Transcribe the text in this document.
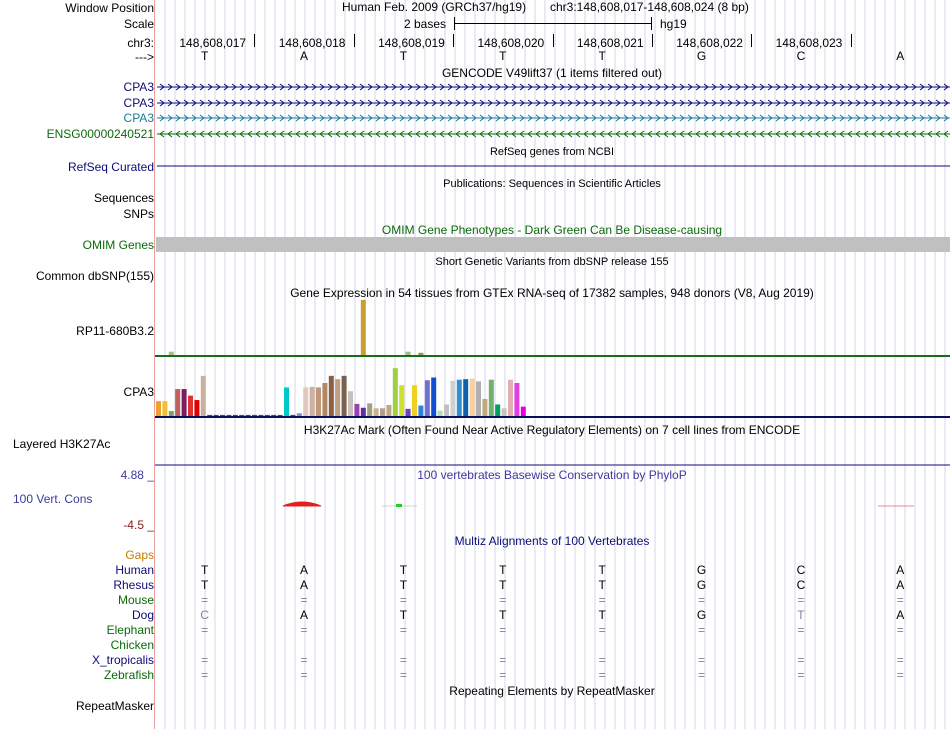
Window Position
Scale
chr3:
--->
Human Feb. 2009 (GRCh37/hg19) chr3:148,608,017-148,608,024 (8 bp)
2 bases	hg19
148,608,017	148,608,018	148,608,019	148,608,020	148,608,021	148,608,022	148,608,023
T	A	T	T	T	G	C	A
GENCODE V49lift37 (1 items filtered out)
CPA3
CPA3
CPA3
ENSG00000240521
RefSeq genes from NCBI
RefSeq Curated
Publications: Sequences in Scientific Articles
Sequences
SNPs
OMIM Gene Phenotypes - Dark Green Can Be Disease-causing
OMIM Genes
Short Genetic Variants from dbSNP release 155
Common dbSNP(155)
Gene Expression in 54 tissues from GTEx RNA-seq of 17382 samples, 948 donors (V8, Aug 2019)
RP11-680B3.2
CPA3
H3K27Ac Mark (Often Found Near Active Regulatory Elements) on 7 cell lines from ENCODE
Layered H3K27Ac
4.88 _	100 vertebrates Basewise Conservation by PhyloP
100 Vert. Cons
-4.5 _
Multiz Alignments of 100 Vertebrates
Gaps
Human	T	A	T	T	T	G	C	A
Rhesus	T	A	T	T	T	G	C	A
Mouse	=	=	=	=	=	=	=	=
Dog	C	A	T	T	T	G	T	A
Elephant	=	=	=	=	=	=	=	=
Chicken
X_tropicalis	=	=	=	=	=	=	=	=
Zebrafish	=	=	=	=	=	=	=	=
Repeating Elements by RepeatMasker
RepeatMasker
